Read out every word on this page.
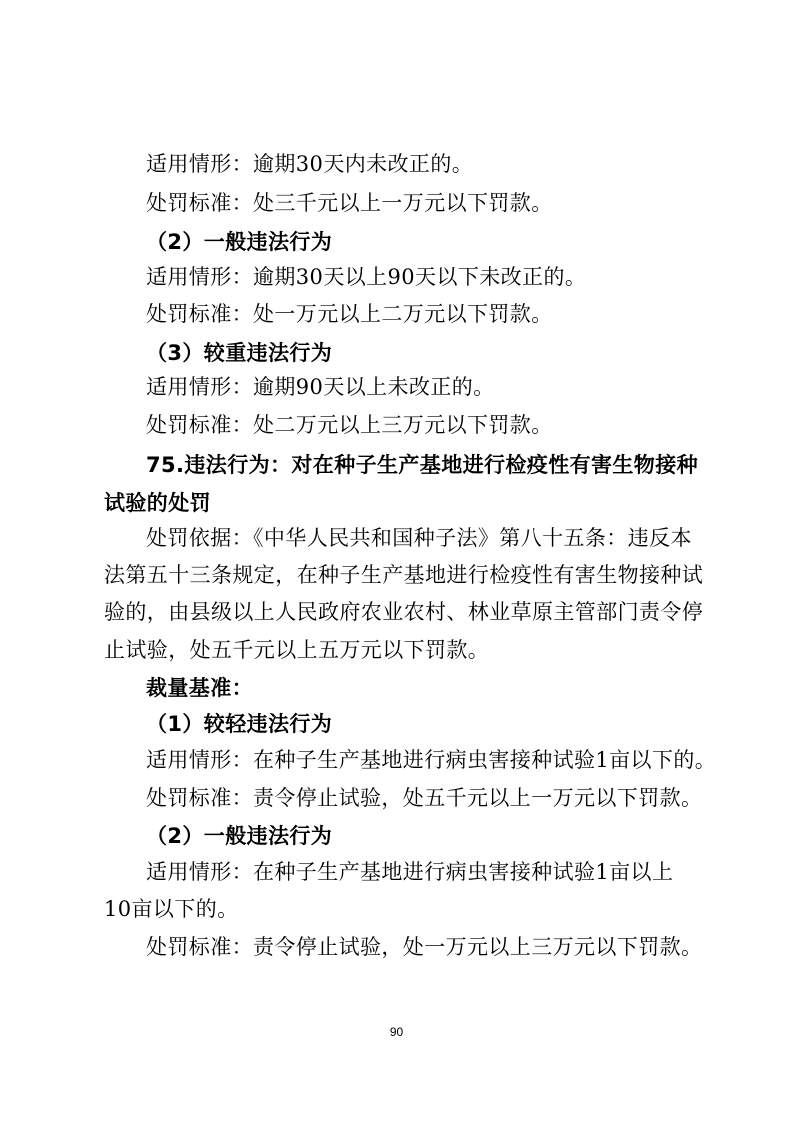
适用情形：逾期30天内未改正的。
处罚标准：处三千元以上一万元以下罚款。
（2）一般违法行为
适用情形：逾期30天以上90天以下未改正的。
处罚标准：处一万元以上二万元以下罚款。
（3）较重违法行为
适用情形：逾期90天以上未改正的。
处罚标准：处二万元以上三万元以下罚款。
75.违法行为：对在种子生产基地进行检疫性有害生物接种
试验的处罚
处罚依据：《中华人民共和国种子法》第八十五条：违反本
法第五十三条规定，在种子生产基地进行检疫性有害生物接种试
验的，由县级以上人民政府农业农村、林业草原主管部门责令停
止试验，处五千元以上五万元以下罚款。
裁量基准：
（1）较轻违法行为
适用情形：在种子生产基地进行病虫害接种试验1亩以下的。
处罚标准：责令停止试验，处五千元以上一万元以下罚款。
（2）一般违法行为
适用情形：在种子生产基地进行病虫害接种试验1亩以上
10亩以下的。
处罚标准：责令停止试验，处一万元以上三万元以下罚款。
90
